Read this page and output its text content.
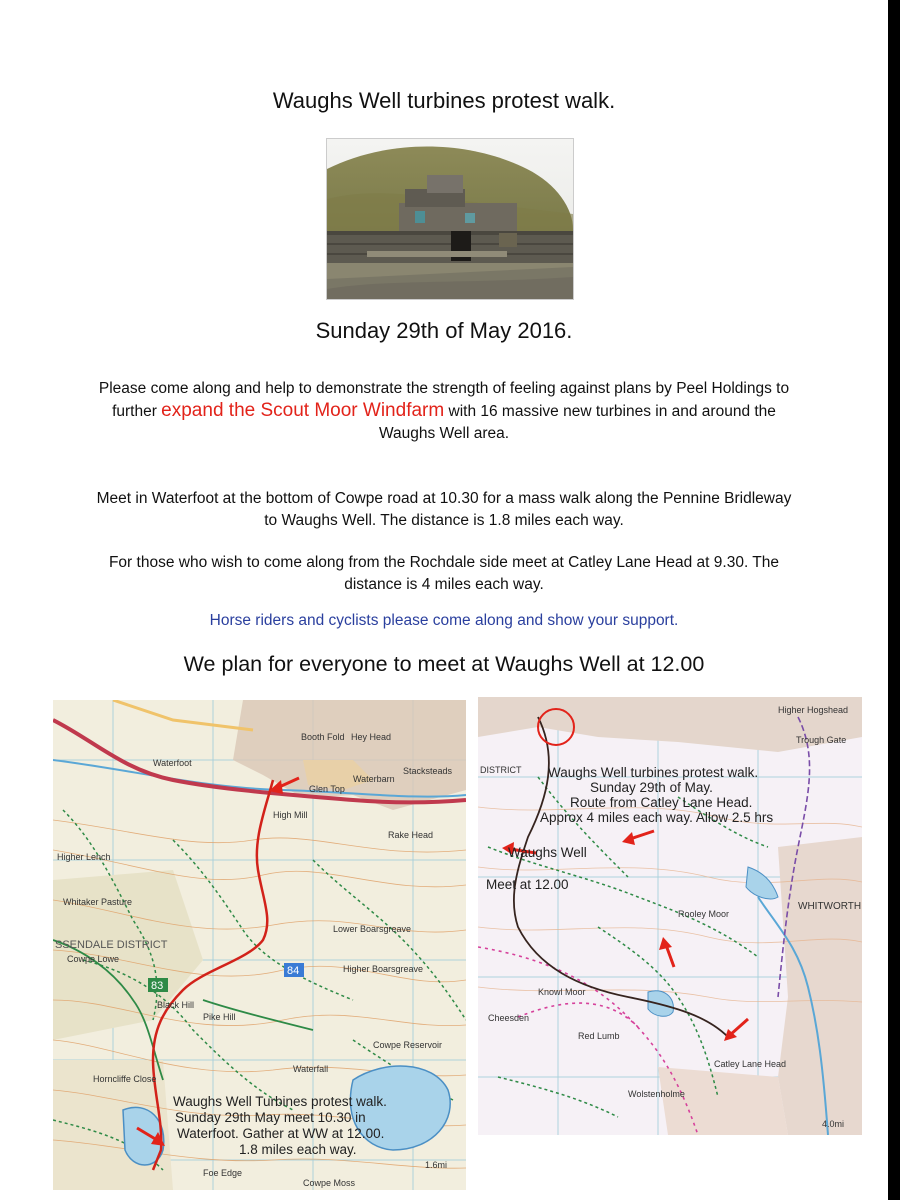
Waughs Well turbines protest walk.
Sunday 29th of May 2016.
Please come along and help to demonstrate the strength of feeling against plans by Peel Holdings to further expand the Scout Moor Windfarm with 16 massive new turbines in and around the Waughs Well area.
Meet in Waterfoot at the bottom of Cowpe road at 10.30 for a mass walk along the Pennine Bridleway to Waughs Well. The distance is 1.8 miles each way.
For those who wish to come along from the Rochdale side meet at Catley Lane Head at 9.30. The distance is 4 miles each way.
Horse riders and cyclists please come along and show your support.
We plan for everyone to meet at Waughs Well at 12.00
83
84
Waterfoot
Booth Fold Hey Head
Stacksteads
Glen Top
Waterbarn
High Mill
Rake Head
Higher Lench
Whitaker Pasture
SSENDALE DISTRICT
Cowpe Lowe
Black Hill
Pike Hill
Lower Boarsgreave
Higher Boarsgreave
Cowpe Reservoir
Waterfall
Horncliffe Close
Foe Edge
Cowpe Moss
Waughs Well Turbines protest walk.
Sunday 29th May meet 10.30 in
Waterfoot. Gather at WW at 12.00.
1.8 miles each way.
1.6mi
DISTRICT
WHITWORTH
Rooley Moor
Knowl Moor
Catley Lane Head
Red Lumb
Higher Hogshead
Trough Gate
Cheesden
Wolstenholme
Waughs Well turbines protest walk.
Sunday 29th of May.
Route from Catley Lane Head.
Approx 4 miles each way. Allow 2.5 hrs
Waughs Well
Meet at 12.00
4.0mi
